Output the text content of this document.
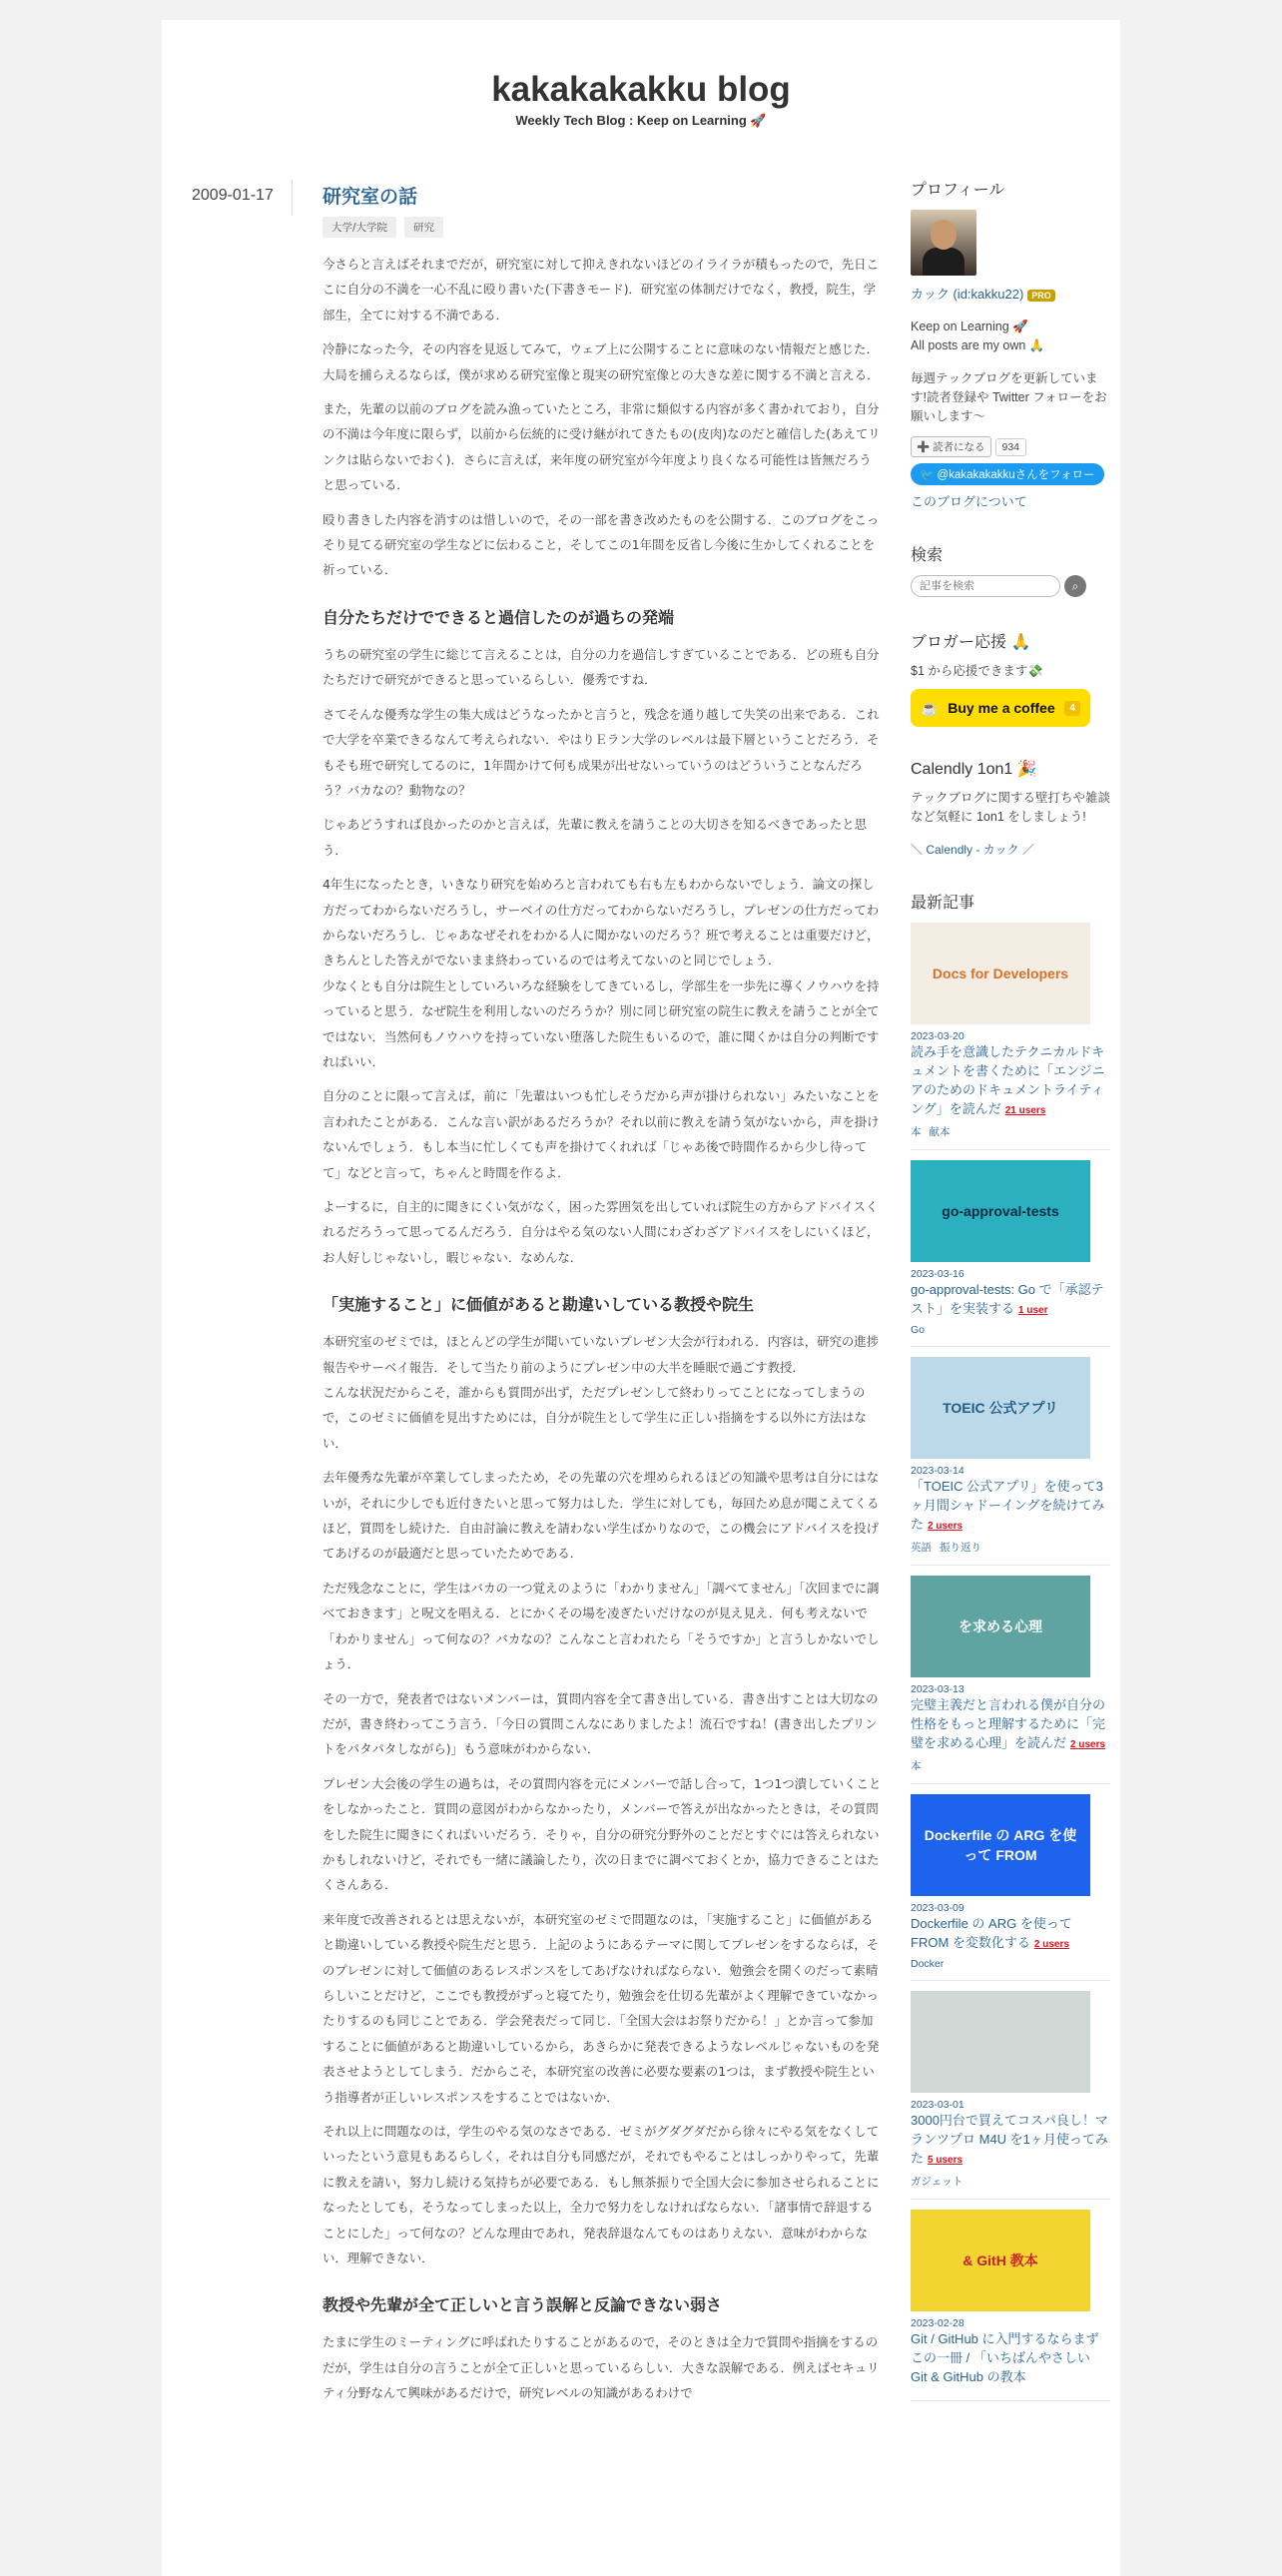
kakakakakku blog
Weekly Tech Blog : Keep on Learning 🚀
2009-01-17	研究室の話
大学/大学院	研究

今さらと言えばそれまでだが，研究室に対して抑えきれないほどのイライラが積もったので，先日ここに自分の不満を一心不乱に殴り書いた(下書きモード)．研究室の体制だけでなく，教授，院生，学部生，全てに対する不満である．

冷静になった今，その内容を見返してみて，ウェブ上に公開することに意味のない情報だと感じた．大局を捕らえるならば，僕が求める研究室像と現実の研究室像との大きな差に関する不満と言える．

また，先輩の以前のブログを読み漁っていたところ，非常に類似する内容が多く書かれており，自分の不満は今年度に限らず，以前から伝統的に受け継がれてきたもの(皮肉)なのだと確信した(あえてリンクは貼らないでおく)．さらに言えば，来年度の研究室が今年度より良くなる可能性は皆無だろうと思っている．

殴り書きした内容を消すのは惜しいので，その一部を書き改めたものを公開する．このブログをこっそり見てる研究室の学生などに伝わること，そしてこの1年間を反省し今後に生かしてくれることを祈っている．

自分たちだけでできると過信したのが過ちの発端

うちの研究室の学生に総じて言えることは，自分の力を過信しすぎていることである．どの班も自分たちだけで研究ができると思っているらしい．優秀ですね．

さてそんな優秀な学生の集大成はどうなったかと言うと，残念を通り越して失笑の出来である．これで大学を卒業できるなんて考えられない．やはりＥラン大学のレベルは最下層ということだろう．そもそも班で研究してるのに，1年間かけて何も成果が出せないっていうのはどういうことなんだろう？バカなの？動物なの？

じゃあどうすれば良かったのかと言えば，先輩に教えを請うことの大切さを知るべきであったと思う．

4年生になったとき，いきなり研究を始めろと言われても右も左もわからないでしょう．論文の探し方だってわからないだろうし，サーベイの仕方だってわからないだろうし，プレゼンの仕方だってわからないだろうし．じゃあなぜそれをわかる人に聞かないのだろう？班で考えることは重要だけど，きちんとした答えがでないまま終わっているのでは考えてないのと同じでしょう．
少なくとも自分は院生としていろいろな経験をしてきているし，学部生を一歩先に導くノウハウを持っていると思う．なぜ院生を利用しないのだろうか？別に同じ研究室の院生に教えを請うことが全てではない．当然何もノウハウを持っていない堕落した院生もいるので，誰に聞くかは自分の判断ですればいい．

自分のことに限って言えば，前に「先輩はいつも忙しそうだから声が掛けられない」みたいなことを言われたことがある．こんな言い訳があるだろうか？それ以前に教えを請う気がないから，声を掛けないんでしょう．もし本当に忙しくても声を掛けてくれれば「じゃあ後で時間作るから少し待ってて」などと言って，ちゃんと時間を作るよ．

よーするに，自主的に聞きにくい気がなく，困った雰囲気を出していれば院生の方からアドバイスくれるだろうって思ってるんだろう．自分はやる気のない人間にわざわざアドバイスをしにいくほど，お人好しじゃないし，暇じゃない．なめんな．

「実施すること」に価値があると勘違いしている教授や院生

本研究室のゼミでは，ほとんどの学生が聞いていないプレゼン大会が行われる．内容は，研究の進捗報告やサーベイ報告．そして当たり前のようにプレゼン中の大半を睡眠で過ごす教授．
こんな状況だからこそ，誰からも質問が出ず，ただプレゼンして終わりってことになってしまうので，このゼミに価値を見出すためには，自分が院生として学生に正しい指摘をする以外に方法はない．

去年優秀な先輩が卒業してしまったため，その先輩の穴を埋められるほどの知識や思考は自分にはないが，それに少しでも近付きたいと思って努力はした．学生に対しても，毎回ため息が聞こえてくるほど，質問をし続けた．自由討論に教えを請わない学生ばかりなので，この機会にアドバイスを投げてあげるのが最適だと思っていたためである．

ただ残念なことに，学生はバカの一つ覚えのように「わかりません」「調べてません」「次回までに調べておきます」と呪文を唱える．とにかくその場を凌ぎたいだけなのが見え見え．何も考えないで「わかりません」って何なの？バカなの？こんなこと言われたら「そうですか」と言うしかないでしょう．

その一方で，発表者ではないメンバーは，質問内容を全て書き出している．書き出すことは大切なのだが，書き終わってこう言う．「今日の質問こんなにありましたよ！流石ですね！(書き出したプリントをパタパタしながら)」もう意味がわからない．

プレゼン大会後の学生の過ちは，その質問内容を元にメンバーで話し合って，1つ1つ潰していくことをしなかったこと．質問の意図がわからなかったり，メンバーで答えが出なかったときは，その質問をした院生に聞きにくればいいだろう．そりゃ，自分の研究分野外のことだとすぐには答えられないかもしれないけど，それでも一緒に議論したり，次の日までに調べておくとか，協力できることはたくさんある．

来年度で改善されるとは思えないが，本研究室のゼミで問題なのは，「実施すること」に価値があると勘違いしている教授や院生だと思う．上記のようにあるテーマに関してプレゼンをするならば，そのプレゼンに対して価値のあるレスポンスをしてあげなければならない．勉強会を開くのだって素晴らしいことだけど，ここでも教授がずっと寝てたり，勉強会を仕切る先輩がよく理解できていなかったりするのも同じことである．学会発表だって同じ．「全国大会はお祭りだから！」とか言って参加することに価値があると勘違いしているから，あきらかに発表できるようなレベルじゃないものを発表させようとしてしまう．だからこそ，本研究室の改善に必要な要素の1つは，まず教授や院生という指導者が正しいレスポンスをすることではないか．

それ以上に問題なのは，学生のやる気のなさである．ゼミがグダグダだから徐々にやる気をなくしていったという意見もあるらしく，それは自分も同感だが，それでもやることはしっかりやって，先輩に教えを請い，努力し続ける気持ちが必要である．もし無茶振りで全国大会に参加させられることになったとしても，そうなってしまった以上，全力で努力をしなければならない．「諸事情で辞退することにした」って何なの？どんな理由であれ，発表辞退なんてものはありえない．意味がわからない．理解できない．

教授や先輩が全て正しいと言う誤解と反論できない弱さ

たまに学生のミーティングに呼ばれたりすることがあるので，そのときは全力で質問や指摘をするのだが，学生は自分の言うことが全て正しいと思っているらしい．大きな誤解である．例えばセキュリティ分野なんて興味があるだけで，研究レベルの知識があるわけで

プロフィール
カック (id:kakku22) PRO
Keep on Learning 🚀
All posts are my own 🙏
毎週テックブログを更新しています!読者登録や Twitter フォローをお願いします〜
➕ 読者になる	934
🐦 @kakakakakkuさんをフォロー
このブログについて
検索
記事を検索
⌕
ブロガー応援 🙏
$1 から応援できます💸
☕ Buy me a coffee	4
Calendly 1on1 🎉
テックブログに関する壁打ちや雑談など気軽に 1on1 をしましょう!
＼ Calendly - カック ／
最新記事
Docs for Developers
2023-03-20
読み手を意識したテクニカルドキュメントを書くために「エンジニアのためのドキュメントライティング」を読んだ 21 users
本 献本
go-approval-tests
2023-03-16
go-approval-tests: Go で「承認テスト」を実装する 1 user
Go
TOEIC 公式アプリ
2023-03-14
「TOEIC 公式アプリ」を使って3ヶ月間シャドーイングを続けてみた 2 users
英語 振り返り
を求める心理
2023-03-13
完璧主義だと言われる僕が自分の性格をもっと理解するために「完璧を求める心理」を読んだ 2 users
本
Dockerfile の ARG を使って FROM
2023-03-09
Dockerfile の ARG を使って FROM を変数化する 2 users
Docker
2023-03-01
3000円台で買えてコスパ良し！マランツプロ M4U を1ヶ月使ってみた 5 users
ガジェット
& GitH 教本
2023-02-28
Git / GitHub に入門するならまずこの一冊 / 「いちばんやさしい Git & GitHub の教本
